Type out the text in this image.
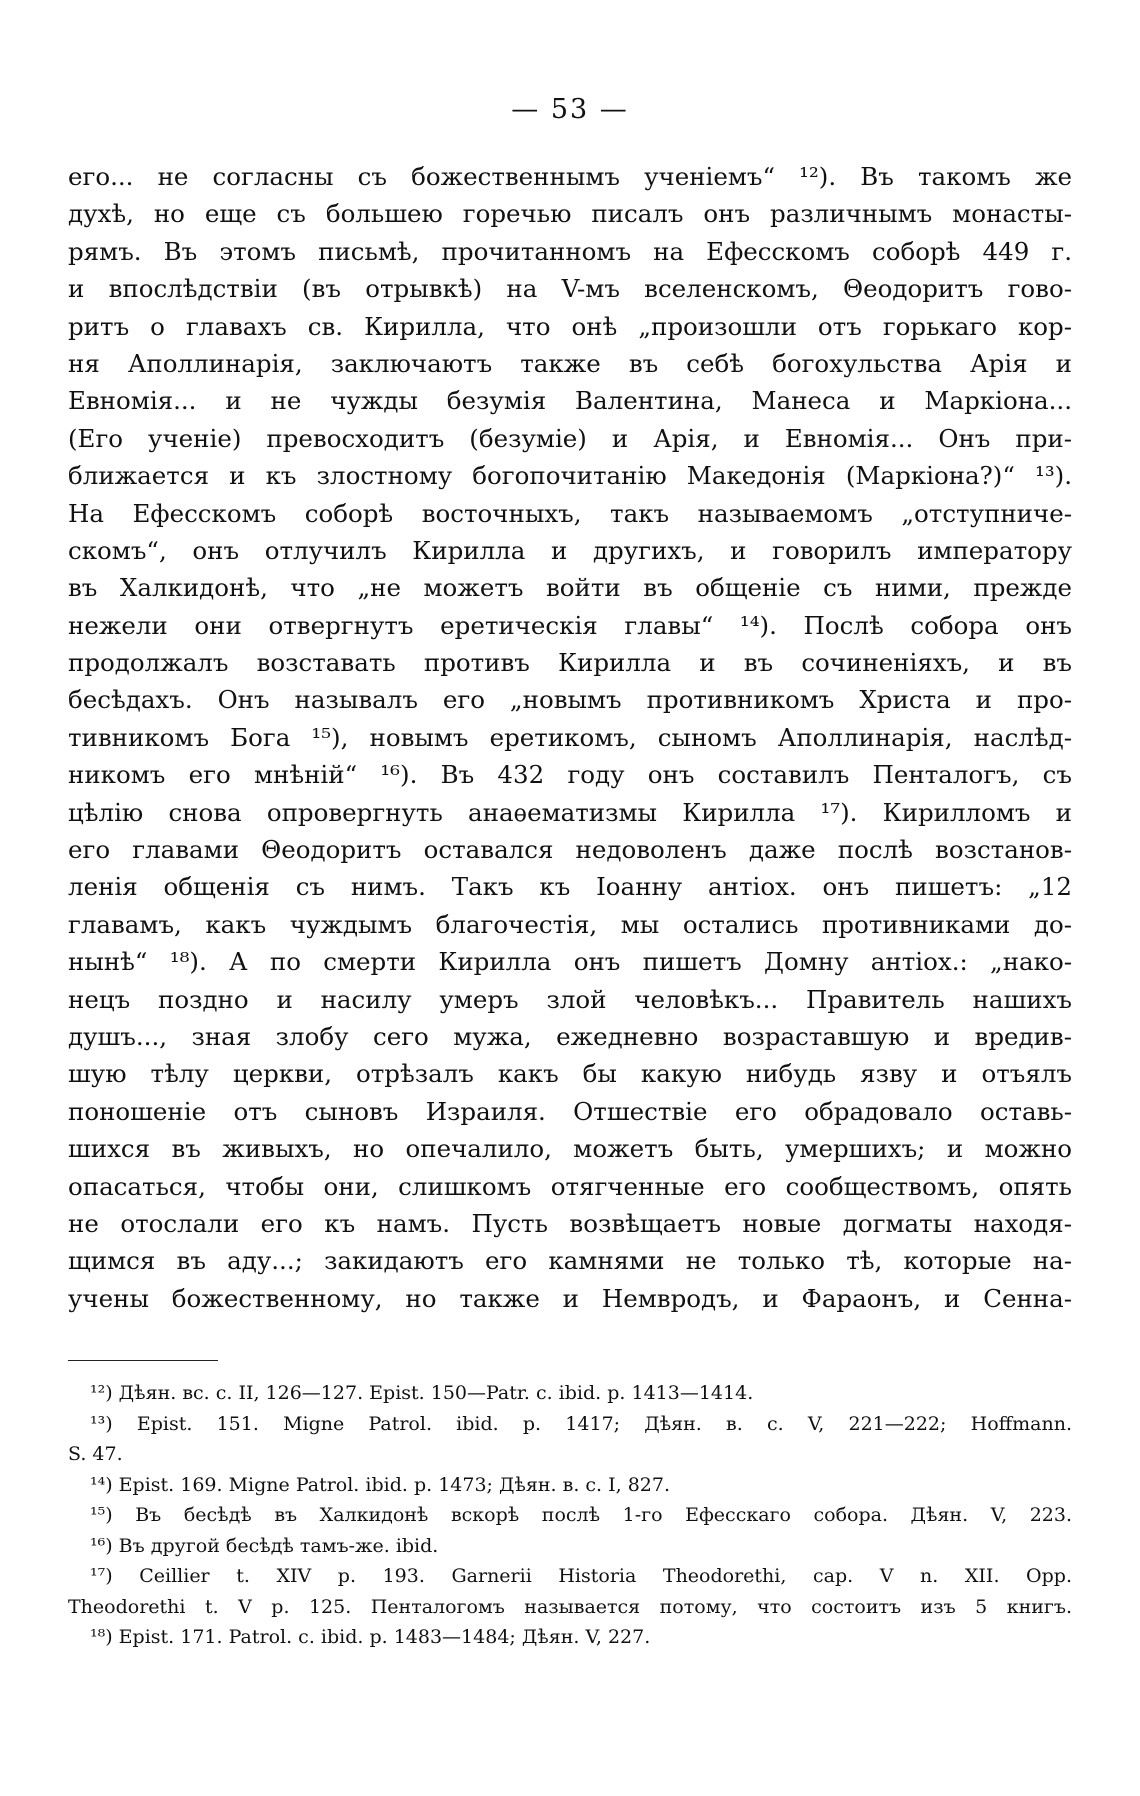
— 53 —
его... не согласны съ божественнымъ ученіемъ“ ¹²). Въ такомъ же
духѣ, но еще съ большею горечью писалъ онъ различнымъ монасты-
рямъ. Въ этомъ письмѣ, прочитанномъ на Ефесскомъ соборѣ 449 г.
и впослѣдствіи (въ отрывкѣ) на V-мъ вселенскомъ, Θеодоритъ гово-
ритъ о главахъ св. Кирилла, что онѣ „произошли отъ горькаго кор-
ня Аполлинарія, заключаютъ также въ себѣ богохульства Арія и
Евномія... и не чужды безумія Валентина, Манеса и Маркіона...
(Его ученіе) превосходитъ (безуміе) и Арія, и Евномія... Онъ при-
ближается и къ злостному богопочитанію Македонія (Маркіона?)“ ¹³).
На Ефесскомъ соборѣ восточныхъ, такъ называемомъ „отступниче-
скомъ“, онъ отлучилъ Кирилла и другихъ, и говорилъ императору
въ Халкидонѣ, что „не можетъ войти въ общеніе съ ними, прежде
нежели они отвергнутъ еретическія главы“ ¹⁴). Послѣ собора онъ
продолжалъ возставать противъ Кирилла и въ сочиненіяхъ, и въ
бесѣдахъ. Онъ называлъ его „новымъ противникомъ Христа и про-
тивникомъ Бога ¹⁵), новымъ еретикомъ, сыномъ Аполлинарія, наслѣд-
никомъ его мнѣній“ ¹⁶). Въ 432 году онъ составилъ Пенталогъ, съ
цѣлію снова опровергнуть анаѳематизмы Кирилла ¹⁷). Кирилломъ и
его главами Θеодоритъ оставался недоволенъ даже послѣ возстанов-
ленія общенія съ нимъ. Такъ къ Іоанну антіох. онъ пишетъ: „12
главамъ, какъ чуждымъ благочестія, мы остались противниками до-
нынѣ“ ¹⁸). А по смерти Кирилла онъ пишетъ Домну антіох.: „нако-
нецъ поздно и насилу умеръ злой человѣкъ... Правитель нашихъ
душъ..., зная злобу сего мужа, ежедневно возраставшую и вредив-
шую тѣлу церкви, отрѣзалъ какъ бы какую нибудь язву и отъялъ
поношеніе отъ сыновъ Израиля. Отшествіе его обрадовало оставь-
шихся въ живыхъ, но опечалило, можетъ быть, умершихъ; и можно
опасаться, чтобы они, слишкомъ отягченные его сообществомъ, опять
не отослали его къ намъ. Пусть возвѣщаетъ новые догматы находя-
щимся въ аду...; закидаютъ его камнями не только тѣ, которые на-
учены божественному, но также и Немвродъ, и Фараонъ, и Сенна-
¹²) Дѣян. вс. с. II, 126—127. Epist. 150—Patr. c. ibid. p. 1413—1414.
¹³) Epist. 151. Migne Patrol. ibid. p. 1417; Дѣян. в. с. V, 221—222; Hoffmann.
S. 47.
¹⁴) Epist. 169. Migne Patrol. ibid. p. 1473; Дѣян. в. с. I, 827.
¹⁵) Въ бесѣдѣ въ Халкидонѣ вскорѣ послѣ 1-го Ефесскаго собора. Дѣян. V, 223.
¹⁶) Въ другой бесѣдѣ тамъ-же. ibid.
¹⁷) Ceillier t. XIV p. 193. Garnerii Historia Theodorethi, cap. V n. XII. Opp.
Theodorethi t. V p. 125. Пенталогомъ называется потому, что состоитъ изъ 5 книгъ.
¹⁸) Epist. 171. Patrol. c. ibid. p. 1483—1484; Дѣян. V, 227.
